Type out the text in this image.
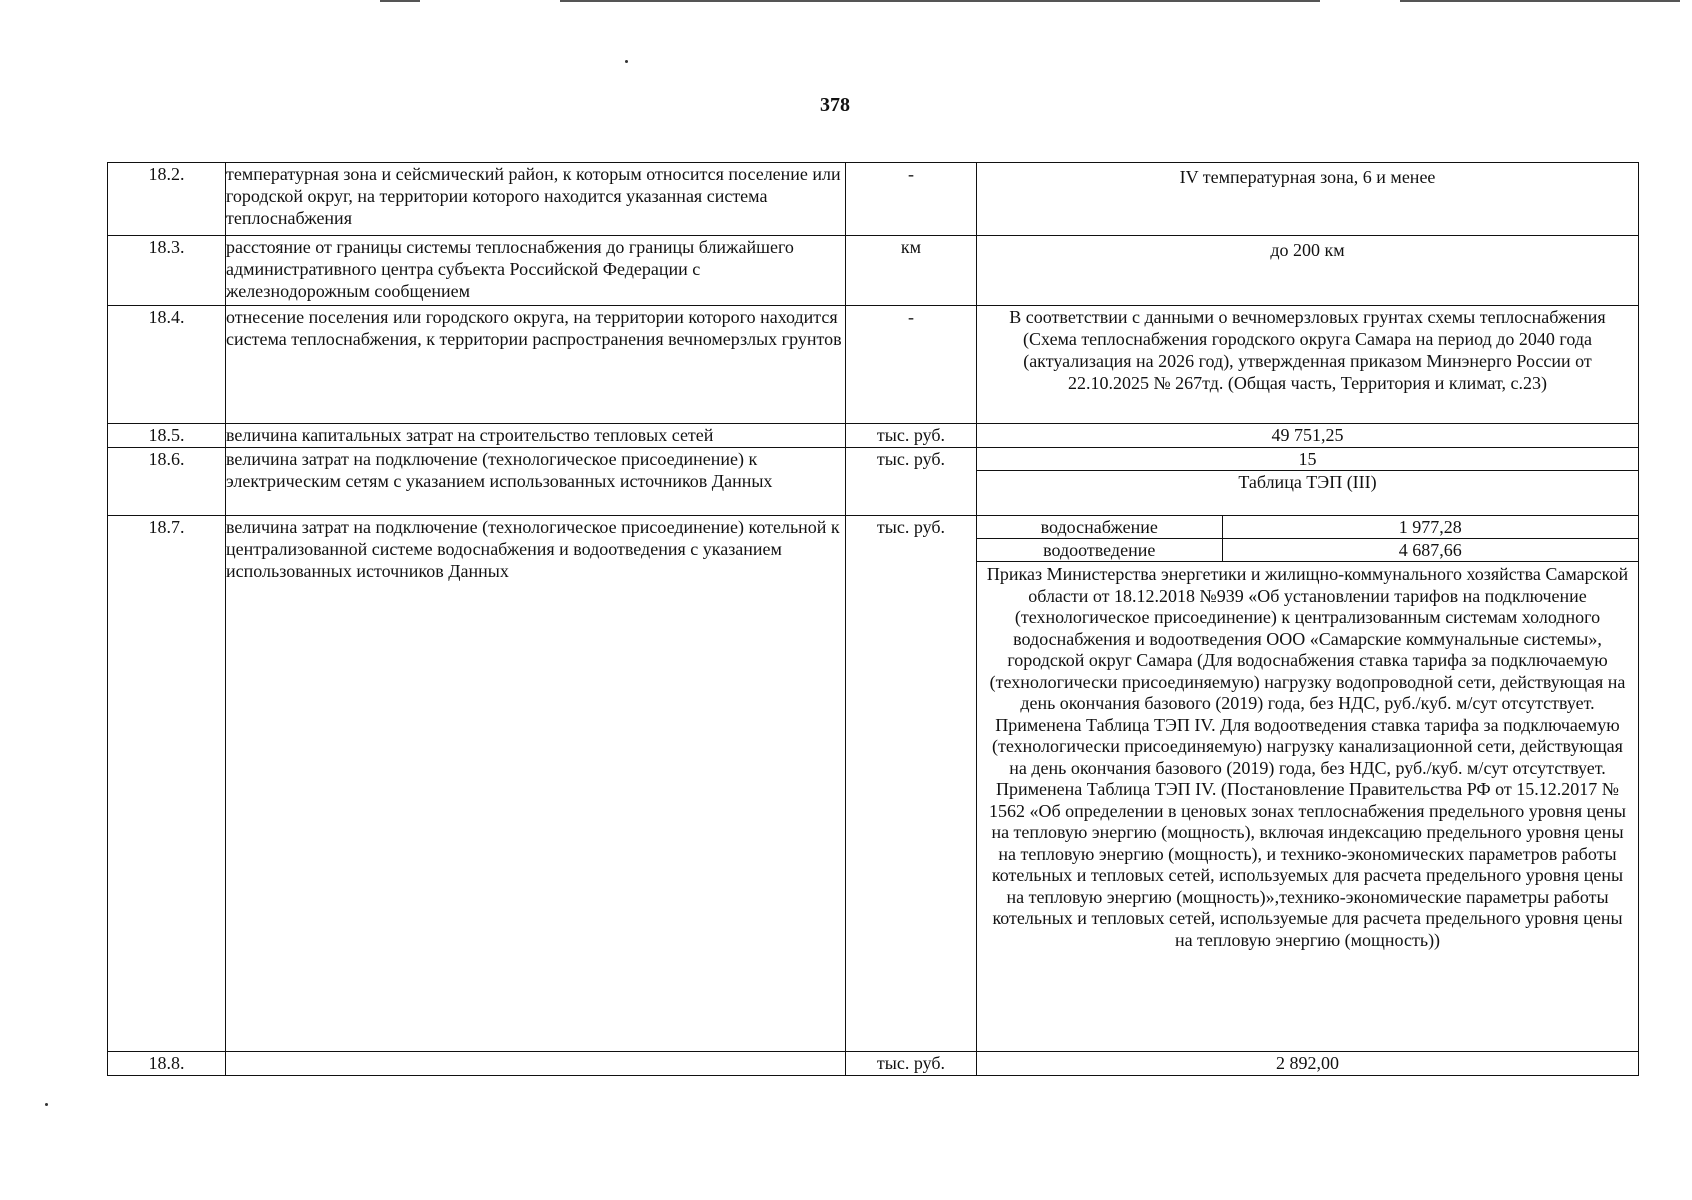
378
18.2.	температурная зона и сейсмический район, к которым относится поселение или городской округ, на территории которого находится указанная система теплоснабжения	-	IV температурная зона, 6 и менее

18.3.	расстояние от границы системы теплоснабжения до границы ближайшего административного центра субъекта Российской Федерации с железнодорожным сообщением	км	до 200 км

18.4.	отнесение поселения или городского округа, на территории которого находится система теплоснабжения, к территории распространения вечномерзлых грунтов	-	В соответствии с данными о вечномерзловых грунтах схемы теплоснабжения (Схема теплоснабжения городского округа Самара на период до 2040 года (актуализация на 2026 год), утвержденная приказом Минэнерго России от 22.10.2025 № 267тд. (Общая часть, Территория и климат, с.23)

18.5.	величина капитальных затрат на строительство тепловых сетей	тыс. руб.	49 751,25

18.6.	величина затрат на подключение (технологическое присоединение) к электрическим сетям с указанием использованных источников Данных	тыс. руб.	15
Таблица ТЭП (III)

18.7.	величина затрат на подключение (технологическое присоединение) котельной к централизованной системе водоснабжения и водоотведения с указанием использованных источников Данных	тыс. руб.		водоснабжение	1 977,28
водоотведение	4 687,66
Приказ Министерства энергетики и жилищно-коммунального хозяйства Самарской области от 18.12.2018 №939 «Об установлении тарифов на подключение (технологическое присоединение) к централизованным системам холодного водоснабжения и водоотведения ООО «Самарские коммунальные системы», городской округ Самара (Для водоснабжения ставка тарифа за подключаемую (технологически присоединяемую) нагрузку водопроводной сети, действующая на день окончания базового (2019) года, без НДС, руб./куб. м/сут отсутствует. Применена Таблица ТЭП IV. Для водоотведения ставка тарифа за подключаемую (технологически присоединяемую) нагрузку канализационной сети, действующая на день окончания базового (2019) года, без НДС, руб./куб. м/сут отсутствует. Применена Таблица ТЭП IV. (Постановление Правительства РФ от 15.12.2017 № 1562 «Об определении в ценовых зонах теплоснабжения предельного уровня цены на тепловую энергию (мощность), включая индексацию предельного уровня цены на тепловую энергию (мощность), и технико-экономических параметров работы котельных и тепловых сетей, используемых для расчета предельного уровня цены на тепловую энергию (мощность)»,технико-экономические параметры работы котельных и тепловых сетей, используемые для расчета предельного уровня цены на тепловую энергию (мощность))

18.8.		тыс. руб.	2 892,00
